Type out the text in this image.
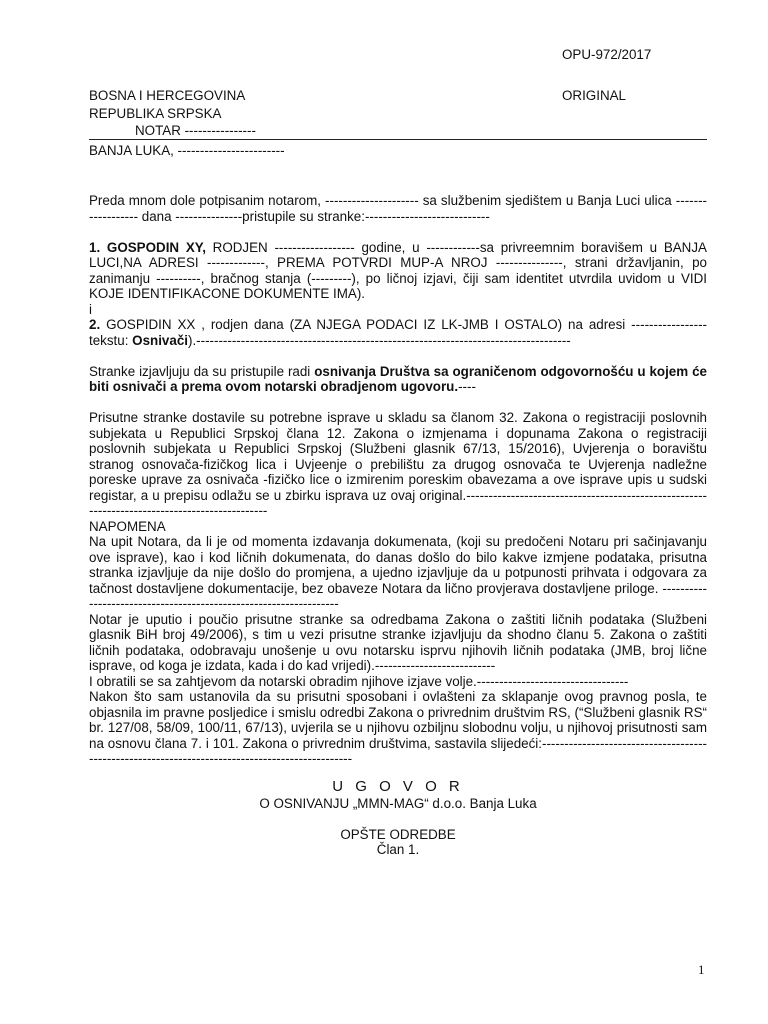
OPU-972/2017
ORIGINAL
BOSNA I HERCEGOVINA
REPUBLIKA SRPSKA
NOTAR ----------------
BANJA LUKA, ------------------------

Preda mnom dole potpisanim notarom, --------------------- sa službenim sjedištem u Banja Luci ulica ------------------ dana ---------------pristupile su stranke:----------------------------

1. GOSPODIN XY, RODJEN ------------------ godine, u ------------sa privreemnim boravišem u BANJA LUCI,NA ADRESI -------------, PREMA POTVRDI MUP-A NROJ ---------------, strani državljanin, po zanimanju ----------, bračnog stanja (---------), po ličnoj izjavi, čiji sam identitet utvrdila uvidom u VIDI KOJE IDENTIFIKACONE DOKUMENTE IMA).

i

2. GOSPIDIN XX , rodjen dana (ZA NJEGA PODACI IZ LK-JMB I OSTALO) na adresi ----------------- tekstu: Osnivači).------------------------------------------------------------------------------------

Stranke izjavljuju da su pristupile radi osnivanja Društva sa ograničenom odgovornošću u kojem će biti osnivači a prema ovom notarski obradjenom ugovoru.----

Prisutne stranke dostavile su potrebne isprave u skladu sa članom 32. Zakona o registraciji poslovnih subjekata u Republici Srpskoj člana 12. Zakona o izmjenama i dopunama Zakona o registraciji poslovnih subjekata u Republici Srpskoj (Službeni glasnik 67/13, 15/2016), Uvjerenja o boravištu stranog osnovača-fizičkog lica i Uvjeenje o prebilištu za drugog osnovača te Uvjerenja nadležne poreske uprave za osnivača -fizičko lice o izmirenim poreskim obavezama a ove isprave upis u sudski registar, a u prepisu odlažu se u zbirku isprava uz ovaj original.----------------------------------------------------------------------------------------------

NAPOMENA

Na upit Notara, da li je od momenta izdavanja dokumenata, (koji su predočeni Notaru pri sačinjavanju ove isprave), kao i kod ličnih dokumenata, do danas došlo do bilo kakve izmjene podataka, prisutna stranka izjavljuje da nije došlo do promjena, a ujedno izjavljuje da u potpunosti prihvata i odgovara za tačnost dostavljene dokumentacije, bez obaveze Notara da lično provjerava dostavljene priloge. ------------------------------------------------------------------

Notar je uputio i poučio prisutne stranke sa odredbama Zakona o zaštiti ličnih podataka (Službeni glasnik BiH broj 49/2006), s tim u vezi prisutne stranke izjavljuju da shodno članu 5. Zakona o zaštiti ličnih podataka, odobravaju unošenje u ovu notarsku isprvu njihovih ličnih podataka (JMB, broj lične isprave, od koga je izdata, kada i do kad vrijedi).---------------------------

I obratili se sa zahtjevom da notarski obradim njihove izjave volje.----------------------------------

Nakon što sam ustanovila da su prisutni sposobani i ovlašteni za sklapanje ovog pravnog posla, te objasnila im pravne posljedice i smislu odredbi Zakona o privrednim društvim RS, (“Službeni glasnik RS“ br. 127/08, 58/09, 100/11, 67/13), uvjerila se u njihovu ozbiljnu slobodnu volju, u njihovoj prisutnosti sam na osnovu člana 7. i 101. Zakona o privrednim društvima, sastavila slijedeći:------------------------------------------------------------------------------------------------

U G O V O R
O OSNIVANJU „MMN-MAG“ d.o.o. Banja Luka
OPŠTE ODREDBE
Član 1.
1
